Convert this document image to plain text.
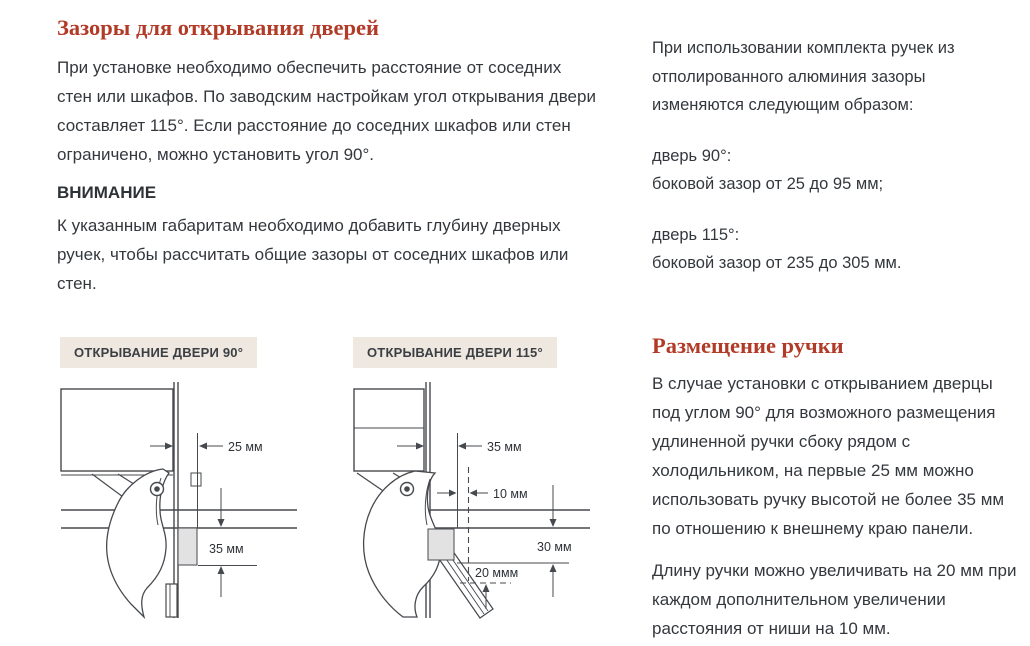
Зазоры для открывания дверей

При установке необходимо обеспечить расстояние от соседних стен или шкафов. По заводским настройкам угол открывания двери составляет 115°. Если расстояние до соседних шкафов или стен ограничено, можно установить угол 90°.

ВНИМАНИЕ

К указанным габаритам необходимо добавить глубину дверных ручек, чтобы рассчитать общие зазоры от соседних шкафов или стен.

ОТКРЫВАНИЕ ДВЕРИ 90°
25 мм
35 мм
ОТКРЫВАНИЕ ДВЕРИ 115°
35 мм
10 мм
30 мм
20 ммм

При использовании комплекта ручек из отполированного алюминия зазоры изменяются следующим образом:

дверь 90°:
боковой зазор от 25 до 95 мм;
дверь 115°:
боковой зазор от 235 до 305 мм.
Размещение ручки

В случае установки с открыванием дверцы под углом 90° для возможного размещения удлиненной ручки сбоку рядом с холодильником, на первые 25 мм можно использовать ручку высотой не более 35 мм по отношению к внешнему краю панели.

Длину ручки можно увеличивать на 20 мм при каждом дополнительном увеличении расстояния от ниши на 10 мм.
